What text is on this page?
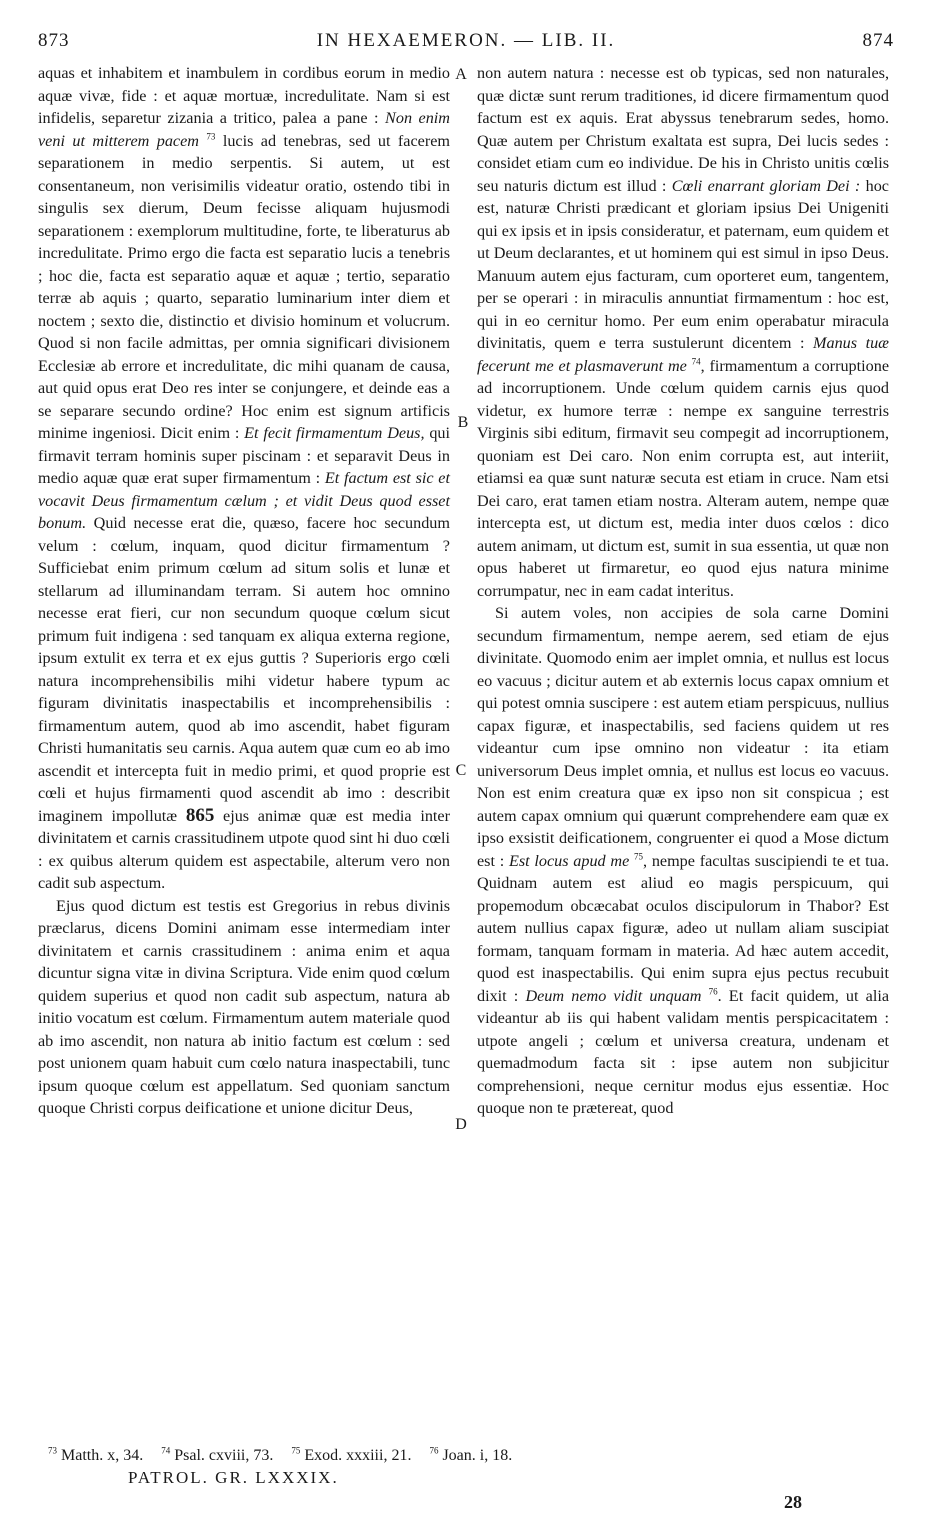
873	IN HEXAEMERON. — LIB. II.	874

aquas et inhabitem et inambulem in cordibus eorum in medio aquæ vivæ, fide : et aquæ mortuæ, incredulitate. Nam si est infidelis, separetur zizania a tritico, palea a pane : Non enim veni ut mitterem pacem $^{73}$ lucis ad tenebras, sed ut facerem separationem in medio serpentis. Si autem, ut est consentaneum, non verisimilis videatur oratio, ostendo tibi in singulis sex dierum, Deum fecisse aliquam hujusmodi separationem : exemplorum multitudine, forte, te liberaturus ab incredulitate. Primo ergo die facta est separatio lucis a tenebris ; hoc die, facta est separatio aquæ et aquæ ; tertio, separatio terræ ab aquis ; quarto, separatio luminarium inter diem et noctem ; sexto die, distinctio et divisio hominum et volucrum. Quod si non facile admittas, per omnia significari divisionem Ecclesiæ ab errore et incredulitate, dic mihi quanam de causa, aut quid opus erat Deo res inter se conjungere, et deinde eas a se separare secundo ordine? Hoc enim est signum artificis minime ingeniosi. Dicit enim : Et fecit firmamentum Deus, qui firmavit terram hominis super piscinam : et separavit Deus in medio aquæ quæ erat super firmamentum : Et factum est sic et vocavit Deus firmamentum cælum ; et vidit Deus quod esset bonum. Quid necesse erat die, quæso, facere hoc secundum velum : cœlum, inquam, quod dicitur firmamentum ? Sufficiebat enim primum cœlum ad situm solis et lunæ et stellarum ad illuminandam terram. Si autem hoc omnino necesse erat fieri, cur non secundum quoque cœlum sicut primum fuit indigena : sed tanquam ex aliqua externa regione, ipsum extulit ex terra et ex ejus guttis ? Superioris ergo cœli natura incomprehensibilis mihi videtur habere typum ac figuram divinitatis inaspectabilis et incomprehensibilis : firmamentum autem, quod ab imo ascendit, habet figuram Christi humanitatis seu carnis. Aqua autem quæ cum eo ab imo ascendit et intercepta fuit in medio primi, et quod proprie est cœli et hujus firmamenti quod ascendit ab imo : describit imaginem impollutæ 865 ejus animæ quæ est media inter divinitatem et carnis crassitudinem utpote quod sint hi duo cœli : ex quibus alterum quidem est aspectabile, alterum vero non cadit sub aspectum.

Ejus quod dictum est testis est Gregorius in rebus divinis præclarus, dicens Domini animam esse intermediam inter divinitatem et carnis crassitudinem : anima enim et aqua dicuntur signa vitæ in divina Scriptura. Vide enim quod cœlum quidem superius et quod non cadit sub aspectum, natura ab initio vocatum est cœlum. Firmamentum autem materiale quod ab imo ascendit, non natura ab initio factum est cœlum : sed post unionem quam habuit cum cœlo natura inaspectabili, tunc ipsum quoque cœlum est appellatum. Sed quoniam sanctum quoque Christi corpus deificatione et unione dicitur Deus,

A
B
C
D

non autem natura : necesse est ob typicas, sed non naturales, quæ dictæ sunt rerum traditiones, id dicere firmamentum quod factum est ex aquis. Erat abyssus tenebrarum sedes, homo. Quæ autem per Christum exaltata est supra, Dei lucis sedes : considet etiam cum eo individue. De his in Christo unitis cœlis seu naturis dictum est illud : Cœli enarrant gloriam Dei : hoc est, naturæ Christi prædicant et gloriam ipsius Dei Unigeniti qui ex ipsis et in ipsis consideratur, et paternam, eum quidem et ut Deum declarantes, et ut hominem qui est simul in ipso Deus. Manuum autem ejus facturam, cum oporteret eum, tangentem, per se operari : in miraculis annuntiat firmamentum : hoc est, qui in eo cernitur homo. Per eum enim operabatur miracula divinitatis, quem e terra sustulerunt dicentem : Manus tuæ fecerunt me et plasmaverunt me $^{74}$, firmamentum a corruptione ad incorruptionem. Unde cœlum quidem carnis ejus quod videtur, ex humore terræ : nempe ex sanguine terrestris Virginis sibi editum, firmavit seu compegit ad incorruptionem, quoniam est Dei caro. Non enim corrupta est, aut interiit, etiamsi ea quæ sunt naturæ secuta est etiam in cruce. Nam etsi Dei caro, erat tamen etiam nostra. Alteram autem, nempe quæ intercepta est, ut dictum est, media inter duos cœlos : dico autem animam, ut dictum est, sumit in sua essentia, ut quæ non opus haberet ut firmaretur, eo quod ejus natura minime corrumpatur, nec in eam cadat interitus.

Si autem voles, non accipies de sola carne Domini secundum firmamentum, nempe aerem, sed etiam de ejus divinitate. Quomodo enim aer implet omnia, et nullus est locus eo vacuus ; dicitur autem et ab externis locus capax omnium et qui potest omnia suscipere : est autem etiam perspicuus, nullius capax figuræ, et inaspectabilis, sed faciens quidem ut res videantur cum ipse omnino non videatur : ita etiam universorum Deus implet omnia, et nullus est locus eo vacuus. Non est enim creatura quæ ex ipso non sit conspicua ; est autem capax omnium qui quærunt comprehendere eam quæ ex ipso exsistit deificationem, congruenter ei quod a Mose dictum est : Est locus apud me $^{75}$, nempe facultas suscipiendi te et tua. Quidnam autem est aliud eo magis perspicuum, qui propemodum obcæcabat oculos discipulorum in Thabor? Est autem nullius capax figuræ, adeo ut nullam aliam suscipiat formam, tanquam formam in materia. Ad hæc autem accedit, quod est inaspectabilis. Qui enim supra ejus pectus recubuit dixit : Deum nemo vidit unquam $^{76}$. Et facit quidem, ut alia videantur ab iis qui habent validam mentis perspicacitatem : utpote angeli ; cœlum et universa creatura, undenam et quemadmodum facta sit : ipse autem non subjicitur comprehensioni, neque cernitur modus ejus essentiæ. Hoc quoque non te prætereat, quod

$^{73}$ Matth. x, 34. $^{74}$ Psal. cxviii, 73. $^{75}$ Exod. xxxiii, 21. $^{76}$ Joan. i, 18.
PATROL. GR. LXXXIX.
28
